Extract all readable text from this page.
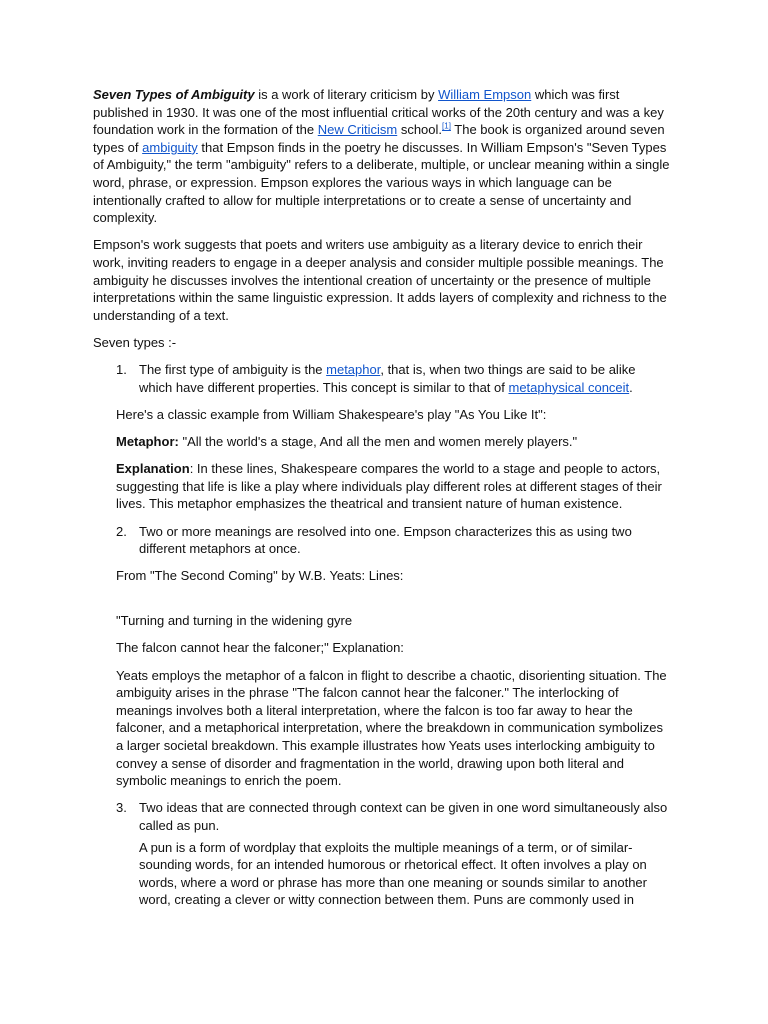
Seven Types of Ambiguity is a work of literary criticism by William Empson which was first published in 1930. It was one of the most influential critical works of the 20th century and was a key foundation work in the formation of the New Criticism school.[1] The book is organized around seven types of ambiguity that Empson finds in the poetry he discusses. In William Empson's "Seven Types of Ambiguity," the term "ambiguity" refers to a deliberate, multiple, or unclear meaning within a single word, phrase, or expression. Empson explores the various ways in which language can be intentionally crafted to allow for multiple interpretations or to create a sense of uncertainty and complexity.

Empson's work suggests that poets and writers use ambiguity as a literary device to enrich their work, inviting readers to engage in a deeper analysis and consider multiple possible meanings. The ambiguity he discusses involves the intentional creation of uncertainty or the presence of multiple interpretations within the same linguistic expression. It adds layers of complexity and richness to the understanding of a text.

Seven types :-

1. The first type of ambiguity is the metaphor, that is, when two things are said to be alike which have different properties. This concept is similar to that of metaphysical conceit.

Here's a classic example from William Shakespeare's play "As You Like It":

Metaphor: "All the world's a stage, And all the men and women merely players."

Explanation: In these lines, Shakespeare compares the world to a stage and people to actors, suggesting that life is like a play where individuals play different roles at different stages of their lives. This metaphor emphasizes the theatrical and transient nature of human existence.

2. Two or more meanings are resolved into one. Empson characterizes this as using two different metaphors at once.

From "The Second Coming" by W.B. Yeats: Lines:

"Turning and turning in the widening gyre

The falcon cannot hear the falconer;" Explanation:

Yeats employs the metaphor of a falcon in flight to describe a chaotic, disorienting situation. The ambiguity arises in the phrase "The falcon cannot hear the falconer." The interlocking of meanings involves both a literal interpretation, where the falcon is too far away to hear the falconer, and a metaphorical interpretation, where the breakdown in communication symbolizes a larger societal breakdown. This example illustrates how Yeats uses interlocking ambiguity to convey a sense of disorder and fragmentation in the world, drawing upon both literal and symbolic meanings to enrich the poem.

3. Two ideas that are connected through context can be given in one word simultaneously also called as pun.
A pun is a form of wordplay that exploits the multiple meanings of a term, or of similar-sounding words, for an intended humorous or rhetorical effect. It often involves a play on words, where a word or phrase has more than one meaning or sounds similar to another word, creating a clever or witty connection between them. Puns are commonly used in
